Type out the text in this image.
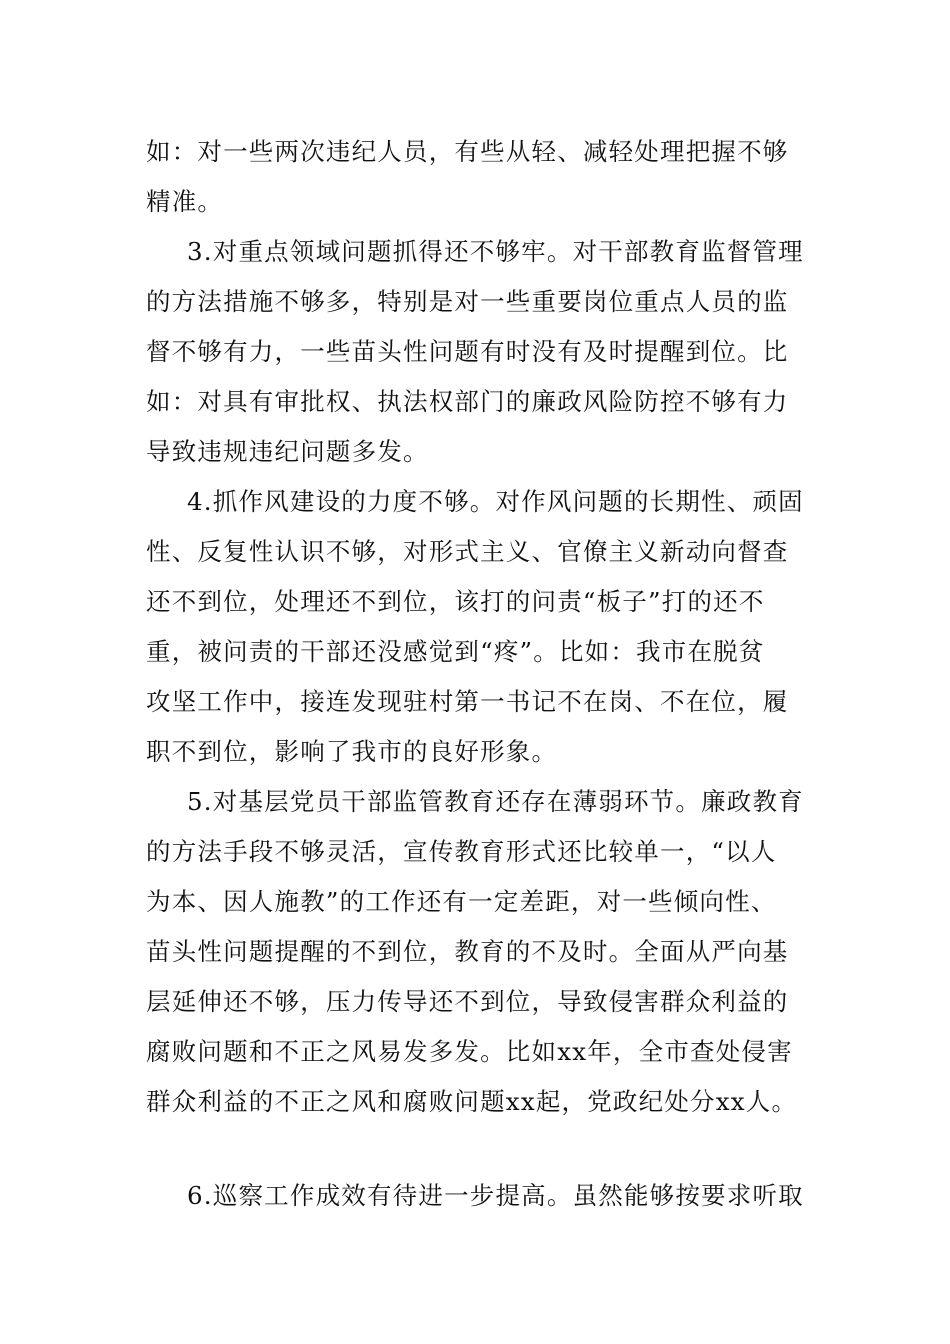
如：对一些两次违纪人员，有些从轻、减轻处理把握不够
精准。
3.对重点领域问题抓得还不够牢。对干部教育监督管理
的方法措施不够多，特别是对一些重要岗位重点人员的监
督不够有力，一些苗头性问题有时没有及时提醒到位。比
如：对具有审批权、执法权部门的廉政风险防控不够有力
导致违规违纪问题多发。
4.抓作风建设的力度不够。对作风问题的长期性、顽固
性、反复性认识不够，对形式主义、官僚主义新动向督查
还不到位，处理还不到位，该打的问责“板子”打的还不
重，被问责的干部还没感觉到“疼”。比如：我市在脱贫
攻坚工作中，接连发现驻村第一书记不在岗、不在位，履
职不到位，影响了我市的良好形象。
5.对基层党员干部监管教育还存在薄弱环节。廉政教育
的方法手段不够灵活，宣传教育形式还比较单一，“以人
为本、因人施教”的工作还有一定差距，对一些倾向性、
苗头性问题提醒的不到位，教育的不及时。全面从严向基
层延伸还不够，压力传导还不到位，导致侵害群众利益的
腐败问题和不正之风易发多发。比如xx年，全市查处侵害
群众利益的不正之风和腐败问题xx起，党政纪处分xx人。
6.巡察工作成效有待进一步提高。虽然能够按要求听取
